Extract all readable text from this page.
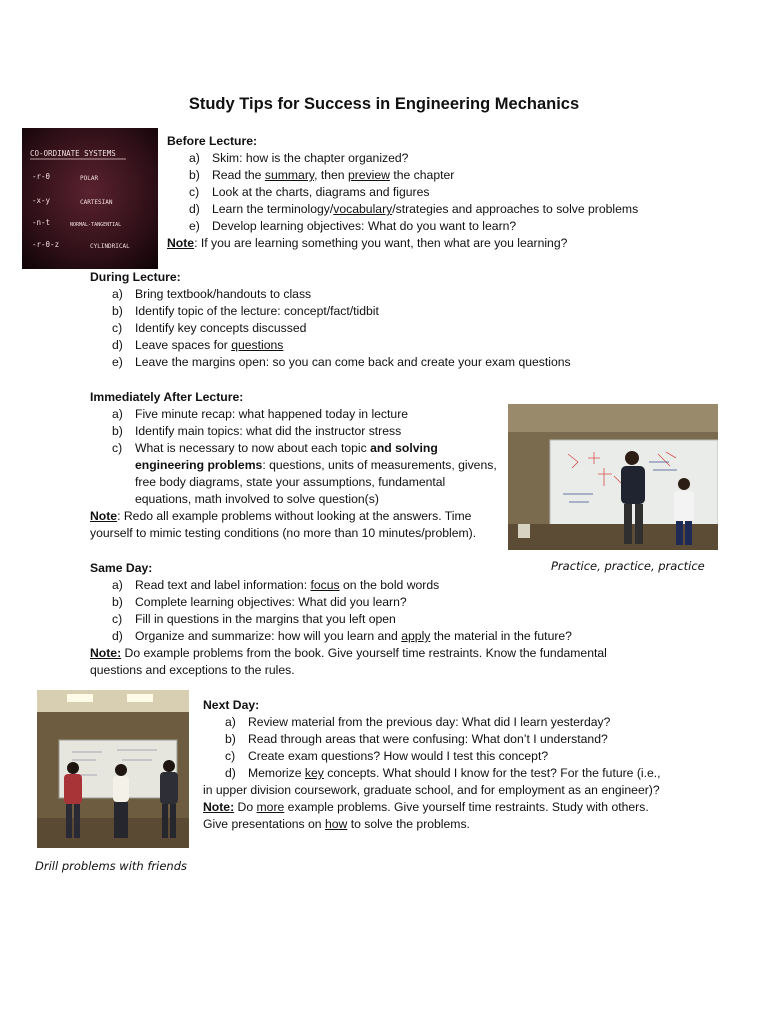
Study Tips for Success in Engineering Mechanics
CO-ORDINATE SYSTEMS
-r-θ	POLAR
-x-y	CARTESIAN
-n-t	NORMAL-TANGENTIAL
-r-θ-z	CYLINDRICAL
Before Lecture:
a) Skim: how is the chapter organized?
b) Read the summary, then preview the chapter
c) Look at the charts, diagrams and figures
d) Learn the terminology/vocabulary/strategies and approaches to solve problems
e) Develop learning objectives: What do you want to learn?
Note: If you are learning something you want, then what are you learning?
During Lecture:
a) Bring textbook/handouts to class
b) Identify topic of the lecture: concept/fact/tidbit
c) Identify key concepts discussed
d) Leave spaces for questions
e) Leave the margins open: so you can come back and create your exam questions
Immediately After Lecture:
a) Five minute recap: what happened today in lecture
b) Identify main topics: what did the instructor stress
c) What is necessary to now about each topic and solving engineering problems: questions, units of measurements, givens, free body diagrams, state your assumptions, fundamental equations, math involved to solve question(s)
Note: Redo all example problems without looking at the answers. Time yourself to mimic testing conditions (no more than 10 minutes/problem).
Practice, practice, practice
Same Day:
a) Read text and label information: focus on the bold words
b) Complete learning objectives: What did you learn?
c) Fill in questions in the margins that you left open
d) Organize and summarize: how will you learn and apply the material in the future?
Note: Do example problems from the book. Give yourself time restraints. Know the fundamental questions and exceptions to the rules.
Drill problems with friends
Next Day:
a) Review material from the previous day: What did I learn yesterday?
b) Read through areas that were confusing: What don’t I understand?
c) Create exam questions? How would I test this concept?
d) Memorize key concepts. What should I know for the test? For the future (i.e.,
in upper division coursework, graduate school, and for employment as an engineer)?
Note: Do more example problems. Give yourself time restraints. Study with others.
Give presentations on how to solve the problems.
